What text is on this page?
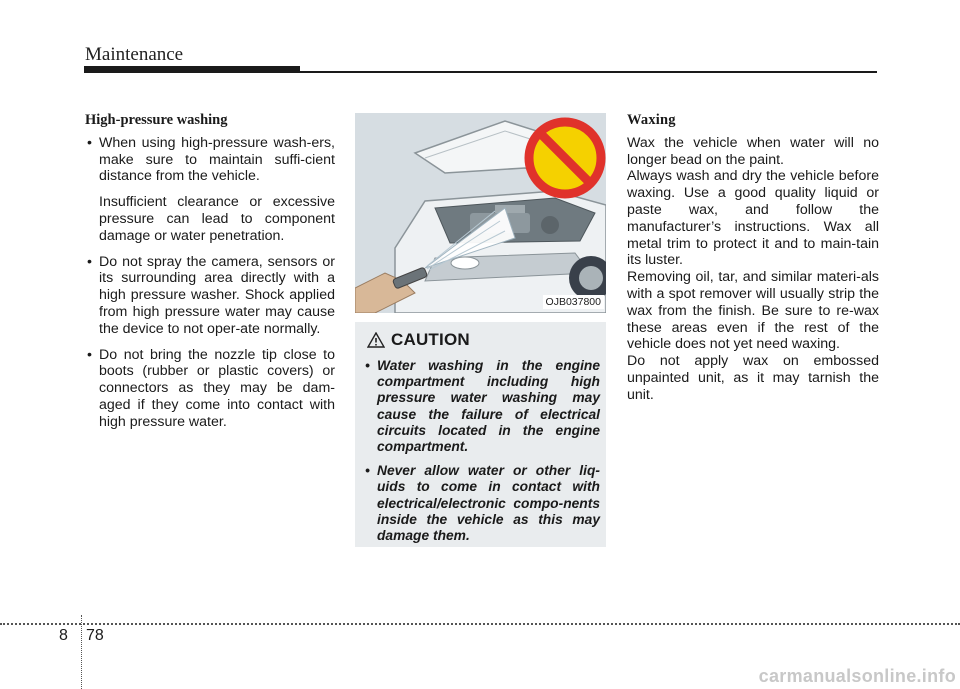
Maintenance
High-pressure washing
• When using high-pressure wash-ers, make sure to maintain suffi-cient distance from the vehicle.
Insufficient clearance or excessive pressure can lead to component damage or water penetration.
• Do not spray the camera, sensors or its surrounding area directly with a high pressure washer. Shock applied from high pressure water may cause the device to not oper-ate normally.
• Do not bring the nozzle tip close to boots (rubber or plastic covers) or connectors as they may be dam-aged if they come into contact with high pressure water.
OJB037800
CAUTION
• Water washing in the engine compartment including high pressure water washing may cause the failure of electrical circuits located in the engine compartment.
• Never allow water or other liq-uids to come in contact with electrical/electronic compo-nents inside the vehicle as this may damage them.
Waxing

Wax the vehicle when water will no longer bead on the paint.

Always wash and dry the vehicle before waxing. Use a good quality liquid or paste wax, and follow the manufacturer’s instructions. Wax all metal trim to protect it and to main-tain its luster.

Removing oil, tar, and similar materi-als with a spot remover will usually strip the wax from the finish. Be sure to re-wax these areas even if the rest of the vehicle does not yet need waxing.

Do not apply wax on embossed unpainted unit, as it may tarnish the unit.

8 78
carmanualsonline.info
